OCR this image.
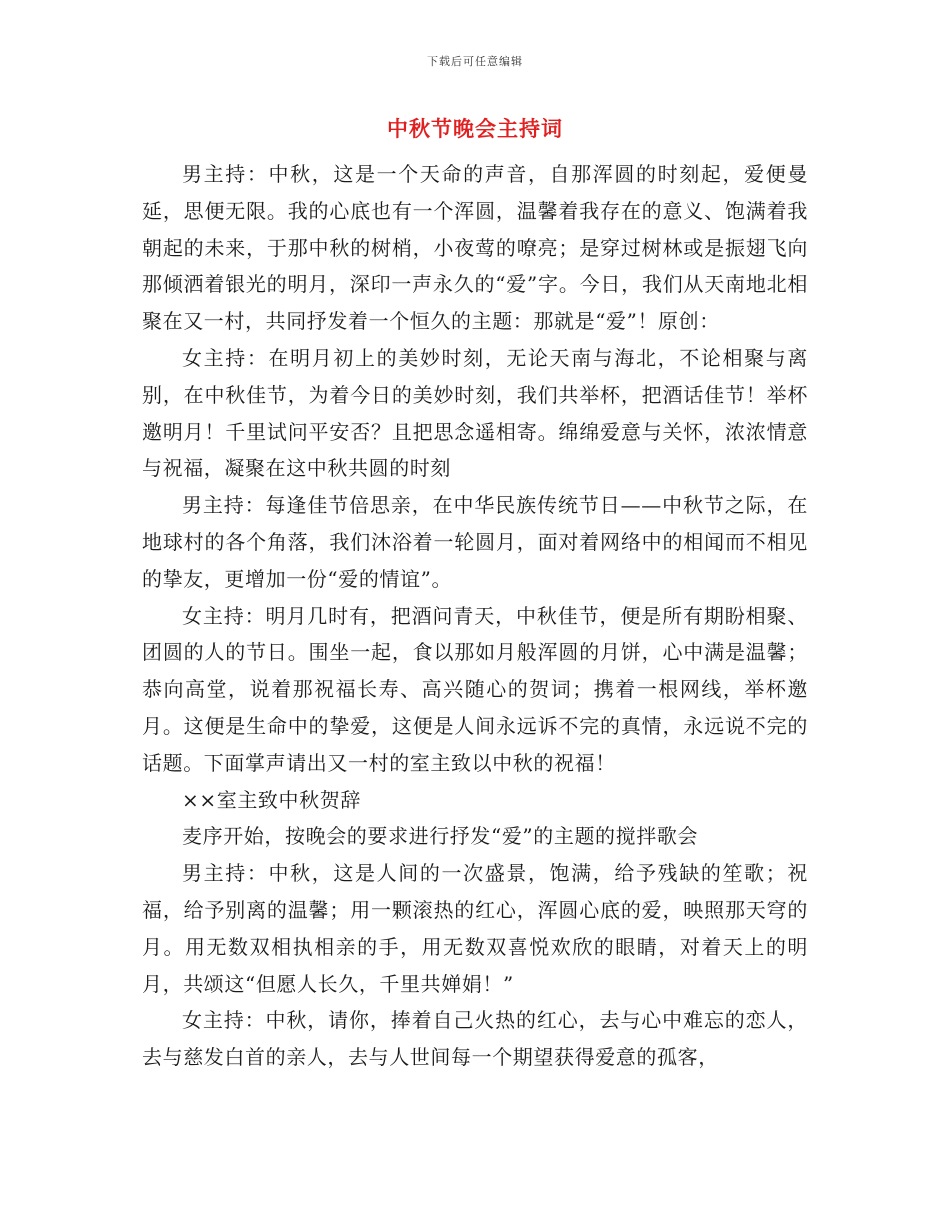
下载后可任意编辑
中秋节晚会主持词

男主持：中秋，这是一个天命的声音，自那浑圆的时刻起，爱便曼延，思便无限。我的心底也有一个浑圆，温馨着我存在的意义、饱满着我朝起的未来，于那中秋的树梢，小夜莺的嘹亮；是穿过树林或是振翅飞向那倾洒着银光的明月，深印一声永久的“爱”字。今日，我们从天南地北相聚在又一村，共同抒发着一个恒久的主题：那就是“爱”！原创：

女主持：在明月初上的美妙时刻，无论天南与海北，不论相聚与离别，在中秋佳节，为着今日的美妙时刻，我们共举杯，把酒话佳节！举杯邀明月！千里试问平安否？且把思念遥相寄。绵绵爱意与关怀，浓浓情意与祝福，凝聚在这中秋共圆的时刻

男主持：每逢佳节倍思亲，在中华民族传统节日——中秋节之际，在地球村的各个角落，我们沐浴着一轮圆月，面对着网络中的相闻而不相见的挚友，更增加一份“爱的情谊”。

女主持：明月几时有，把酒问青天，中秋佳节，便是所有期盼相聚、团圆的人的节日。围坐一起，食以那如月般浑圆的月饼，心中满是温馨；恭向高堂，说着那祝福长寿、高兴随心的贺词；携着一根网线，举杯邀月。这便是生命中的挚爱，这便是人间永远诉不完的真情，永远说不完的话题。下面掌声请出又一村的室主致以中秋的祝福！

××室主致中秋贺辞

麦序开始，按晚会的要求进行抒发“爱”的主题的搅拌歌会

男主持：中秋，这是人间的一次盛景，饱满，给予残缺的笙歌；祝福，给予别离的温馨；用一颗滚热的红心，浑圆心底的爱，映照那天穹的月。用无数双相执相亲的手，用无数双喜悦欢欣的眼睛，对着天上的明月，共颂这“但愿人长久，千里共婵娟！”

女主持：中秋，请你，捧着自己火热的红心，去与心中难忘的恋人，去与慈发白首的亲人，去与人世间每一个期望获得爱意的孤客，
